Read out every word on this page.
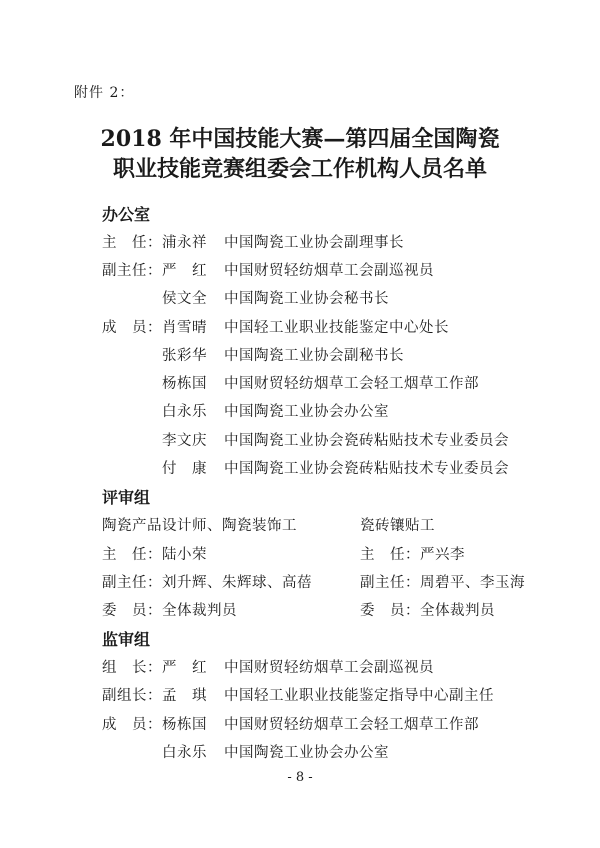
附件 2：
2018 年中国技能大赛—第四届全国陶瓷
职业技能竞赛组委会工作机构人员名单
办公室
主　任： 浦永祥 中国陶瓷工业协会副理事长
副主任： 严　红 中国财贸轻纺烟草工会副巡视员
侯文全 中国陶瓷工业协会秘书长
成　员： 肖雪晴 中国轻工业职业技能鉴定中心处长
张彩华 中国陶瓷工业协会副秘书长
杨栋国 中国财贸轻纺烟草工会轻工烟草工作部
白永乐 中国陶瓷工业协会办公室
李文庆 中国陶瓷工业协会瓷砖粘贴技术专业委员会
付　康 中国陶瓷工业协会瓷砖粘贴技术专业委员会
评审组
陶瓷产品设计师、陶瓷装饰工	瓷砖镶贴工
主　任：陆小荣	主　任：严兴李
副主任：刘升辉、朱辉球、高蓓	副主任：周碧平、李玉海
委　员：全体裁判员	委　员：全体裁判员
监审组
组　长： 严　红 中国财贸轻纺烟草工会副巡视员
副组长： 孟　琪 中国轻工业职业技能鉴定指导中心副主任
成　员： 杨栋国 中国财贸轻纺烟草工会轻工烟草工作部
白永乐 中国陶瓷工业协会办公室
- 8 -
